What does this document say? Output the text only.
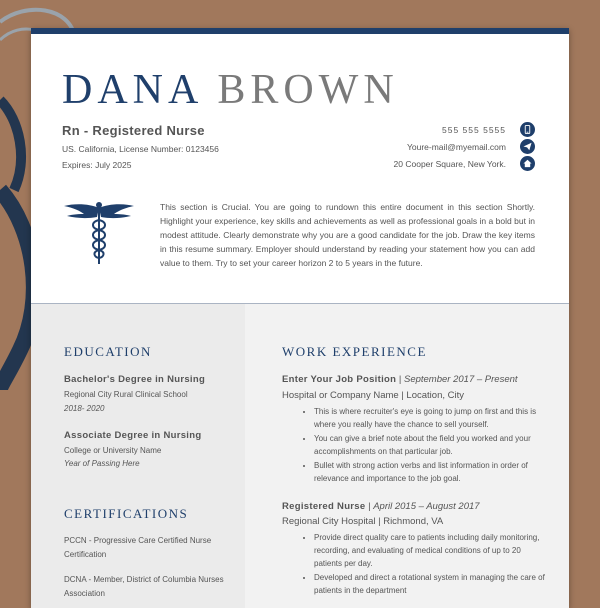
DANA BROWN
Rn - Registered Nurse
US. California, License Number: 0123456
Expires: July 2025
555 555 5555
Youre-mail@myemail.com
20 Cooper Square, New York.
This section is Crucial. You are going to rundown this entire document in this section Shortly. Highlight your experience, key skills and achievements as well as professional goals in a bold but in modest attitude. Clearly demonstrate why you are a good candidate for the job. Draw the key items in this resume summary. Employer should understand by reading your statement how you can add value to them. Try to set your career horizon 2 to 5 years in the future.
EDUCATION
Bachelor's Degree in Nursing
Regional City Rural Clinical School
2018- 2020
Associate Degree in Nursing
College or University Name
Year of Passing Here
CERTIFICATIONS
PCCN - Progressive Care Certified Nurse Certification
DCNA - Member, District of Columbia Nurses Association
WORK EXPERIENCE
Enter Your Job Position | September 2017 – Present
Hospital or Company Name | Location, City
• This is where recruiter's eye is going to jump on first and this is where you really have the chance to sell yourself.
• You can give a brief note about the field you worked and your accomplishments on that particular job.
• Bullet with strong action verbs and list information in order of relevance and importance to the job goal.
Registered Nurse | April 2015 – August 2017
Regional City Hospital | Richmond, VA
• Provide direct quality care to patients including daily monitoring, recording, and evaluating of medical conditions of up to 20 patients per day.
• Developed and direct a rotational system in managing the care of patients in the department
